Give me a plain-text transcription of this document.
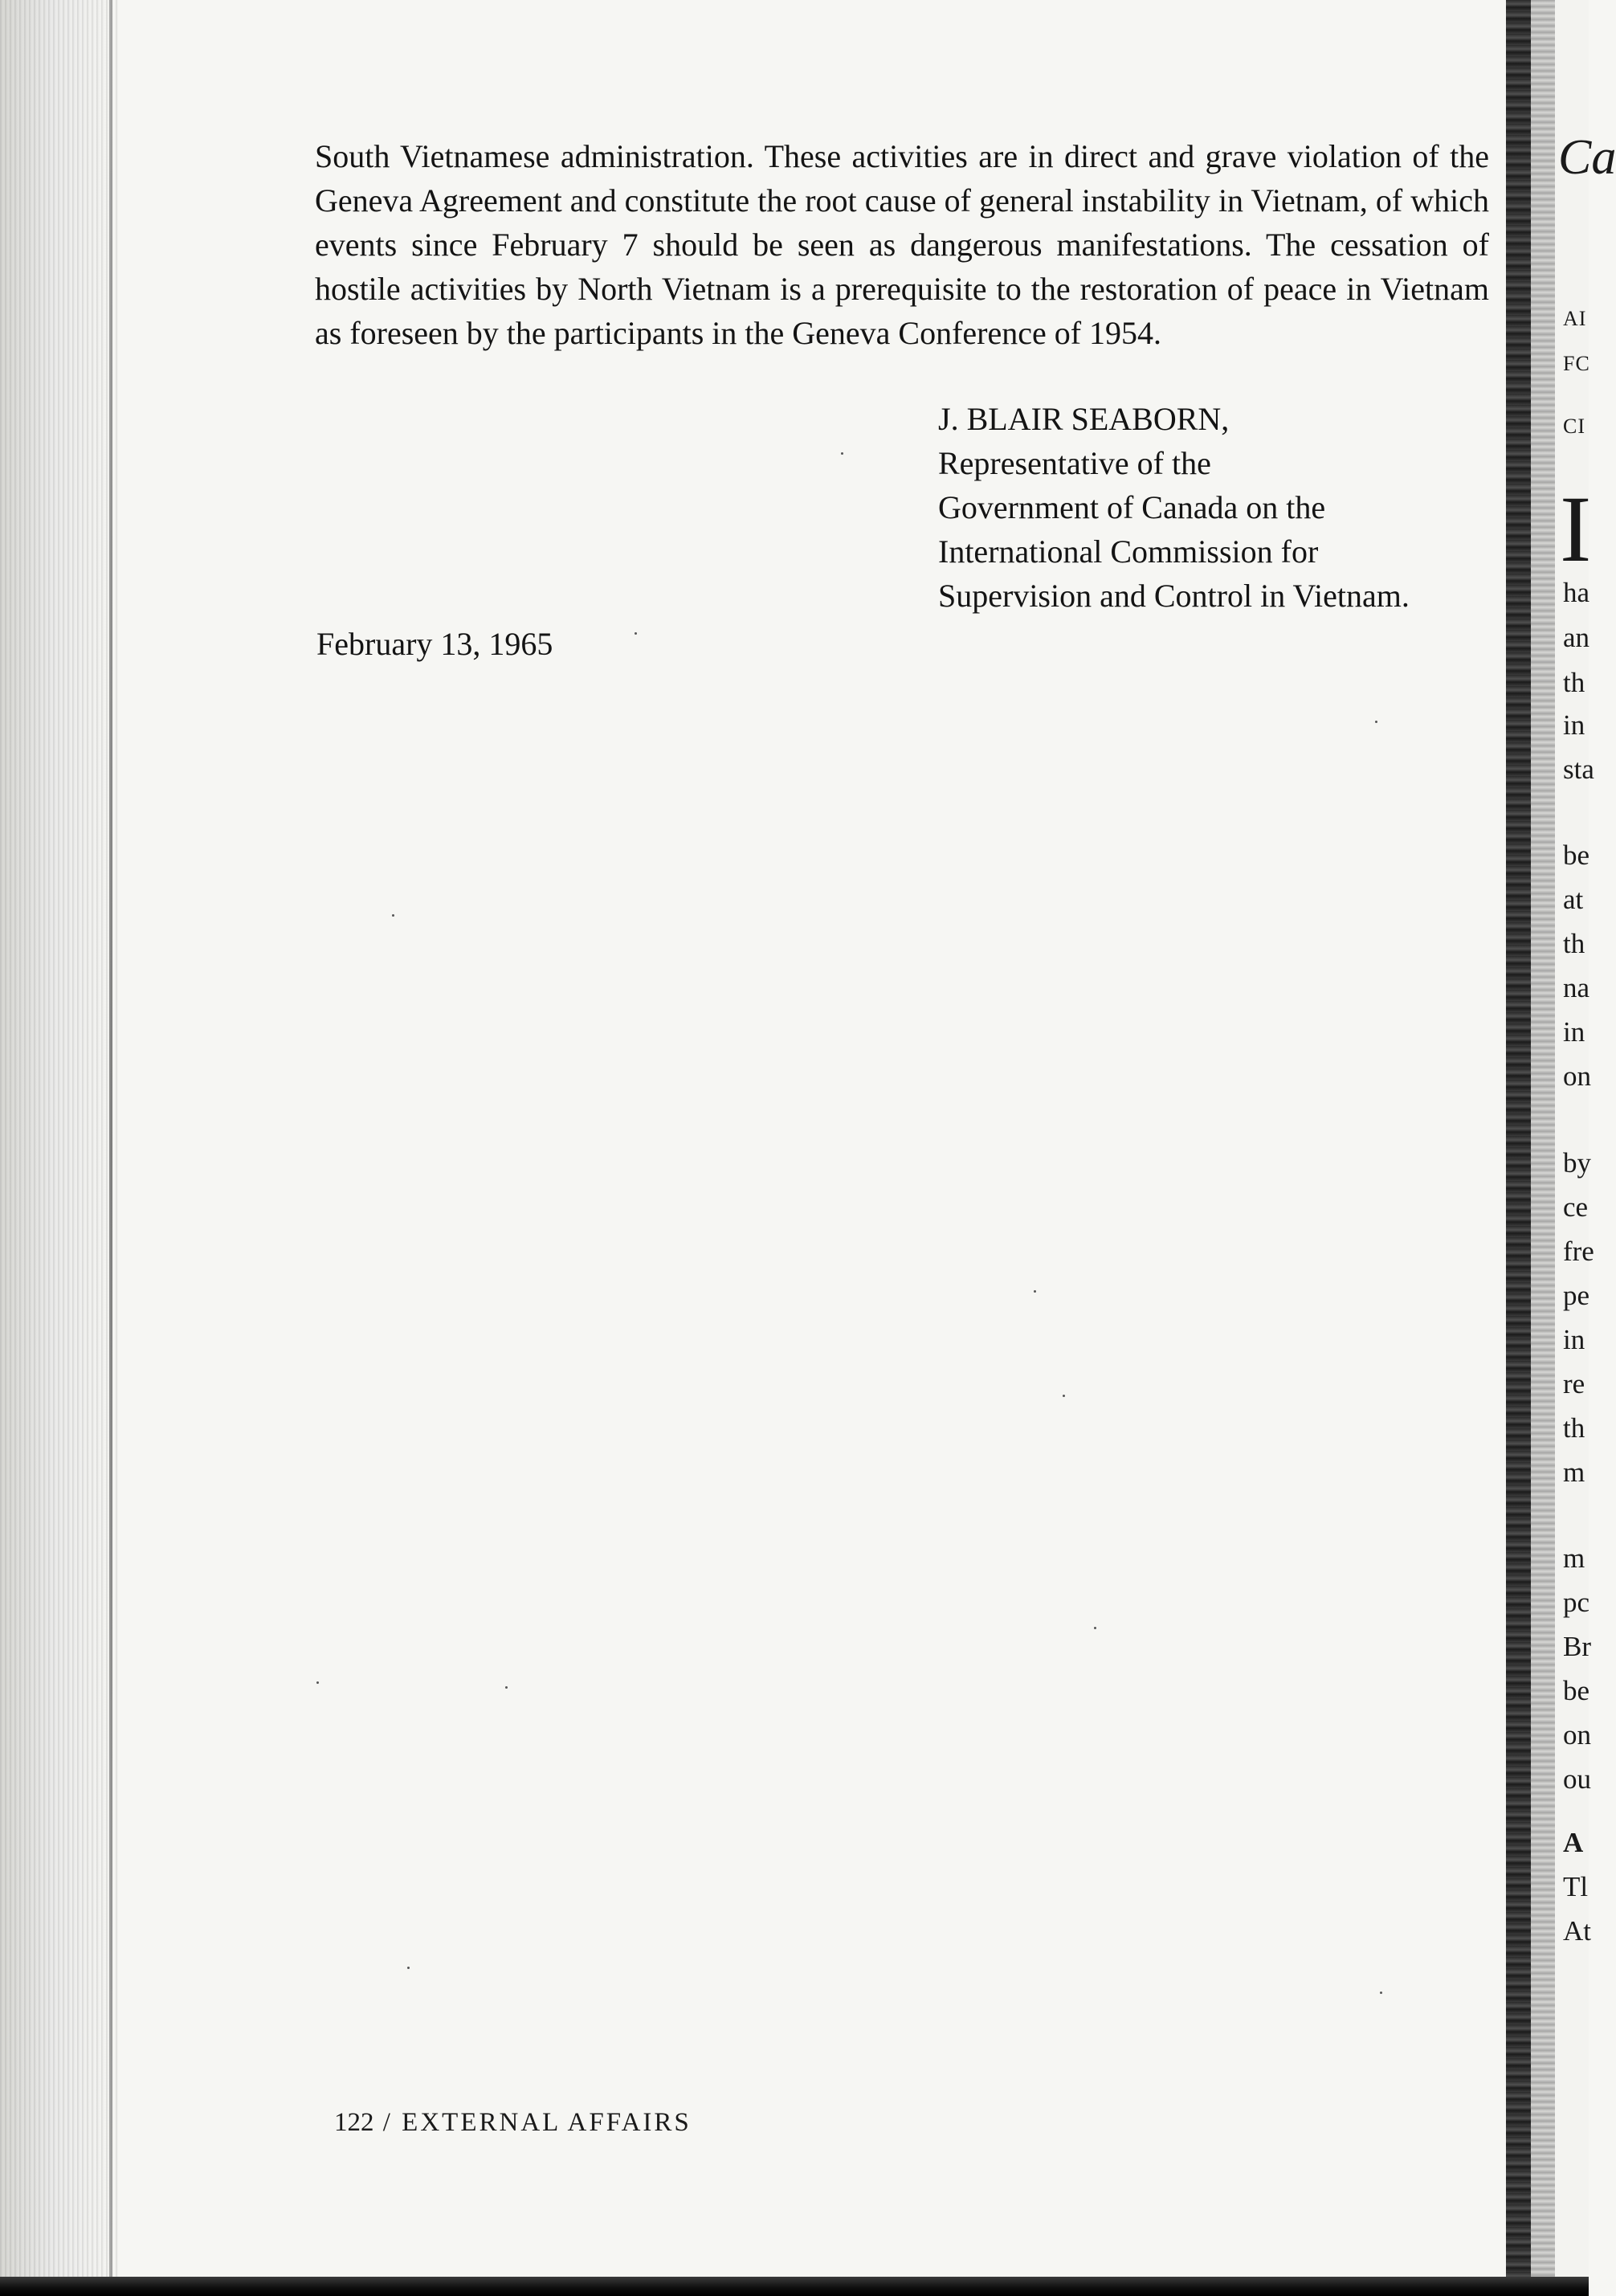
South Vietnamese administration. These activities are in direct and grave violation of the Geneva Agreement and constitute the root cause of general instability in Vietnam, of which events since February 7 should be seen as dangerous manifestations. The cessation of hostile activities by North Vietnam is a prerequisite to the restoration of peace in Vietnam as foreseen by the participants in the Geneva Conference of 1954.
J. BLAIR SEABORN,
Representative of the
Government of Canada on the
International Commission for
Supervision and Control in Vietnam.
February 13, 1965
122 / EXTERNAL AFFAIRS
Ca
AI
FC
CI
I
ha
an
th
in
sta
be
at
th
na
in
on
by
ce
fre
pe
in
re
th
m
m
pc
Br
be
on
ou
A
Tl
At
